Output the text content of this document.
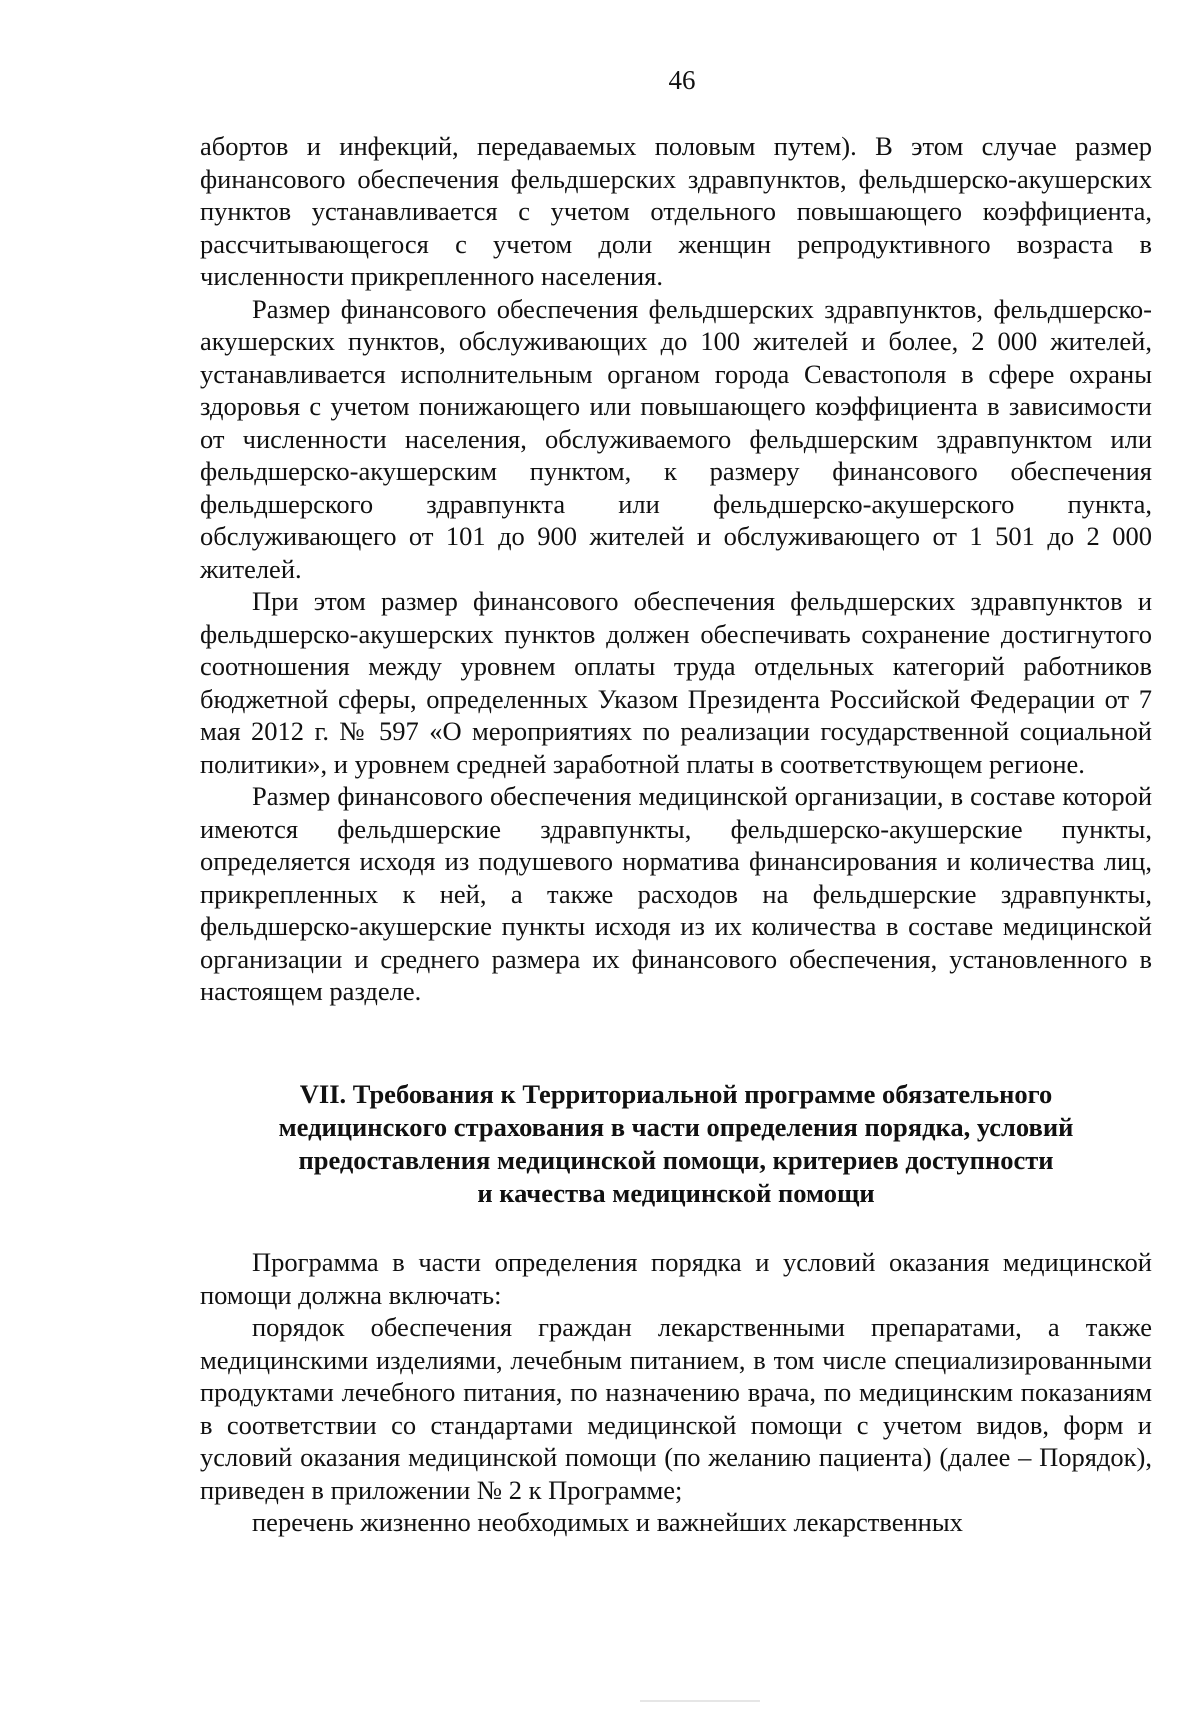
46

абортов и инфекций, передаваемых половым путем). В этом случае размер финансового обеспечения фельдшерских здравпунктов, фельдшерско-акушерских пунктов устанавливается с учетом отдельного повышающего коэффициента, рассчитывающегося с учетом доли женщин репродуктивного возраста в численности прикрепленного населения.

Размер финансового обеспечения фельдшерских здравпунктов, фельдшерско-акушерских пунктов, обслуживающих до 100 жителей и более, 2 000 жителей, устанавливается исполнительным органом города Севастополя в сфере охраны здоровья с учетом понижающего или повышающего коэффициента в зависимости от численности населения, обслуживаемого фельдшерским здравпунктом или фельдшерско-акушерским пунктом, к размеру финансового обеспечения фельдшерского здравпункта или фельдшерско-акушерского пункта, обслуживающего от 101 до 900 жителей и обслуживающего от 1 501 до 2 000 жителей.

При этом размер финансового обеспечения фельдшерских здравпунктов и фельдшерско-акушерских пунктов должен обеспечивать сохранение достигнутого соотношения между уровнем оплаты труда отдельных категорий работников бюджетной сферы, определенных Указом Президента Российской Федерации от 7 мая 2012 г. № 597 «О мероприятиях по реализации государственной социальной политики», и уровнем средней заработной платы в соответствующем регионе.

Размер финансового обеспечения медицинской организации, в составе которой имеются фельдшерские здравпункты, фельдшерско-акушерские пункты, определяется исходя из подушевого норматива финансирования и количества лиц, прикрепленных к ней, а также расходов на фельдшерские здравпункты, фельдшерско-акушерские пункты исходя из их количества в составе медицинской организации и среднего размера их финансового обеспечения, установленного в настоящем разделе.

VII. Требования к Территориальной программе обязательного
медицинского страхования в части определения порядка, условий
предоставления медицинской помощи, критериев доступности
и качества медицинской помощи

Программа в части определения порядка и условий оказания медицинской помощи должна включать:

порядок обеспечения граждан лекарственными препаратами, а также медицинскими изделиями, лечебным питанием, в том числе специализированными продуктами лечебного питания, по назначению врача, по медицинским показаниям в соответствии со стандартами медицинской помощи с учетом видов, форм и условий оказания медицинской помощи (по желанию пациента) (далее – Порядок), приведен в приложении № 2 к Программе;

перечень жизненно необходимых и важнейших лекарственных
